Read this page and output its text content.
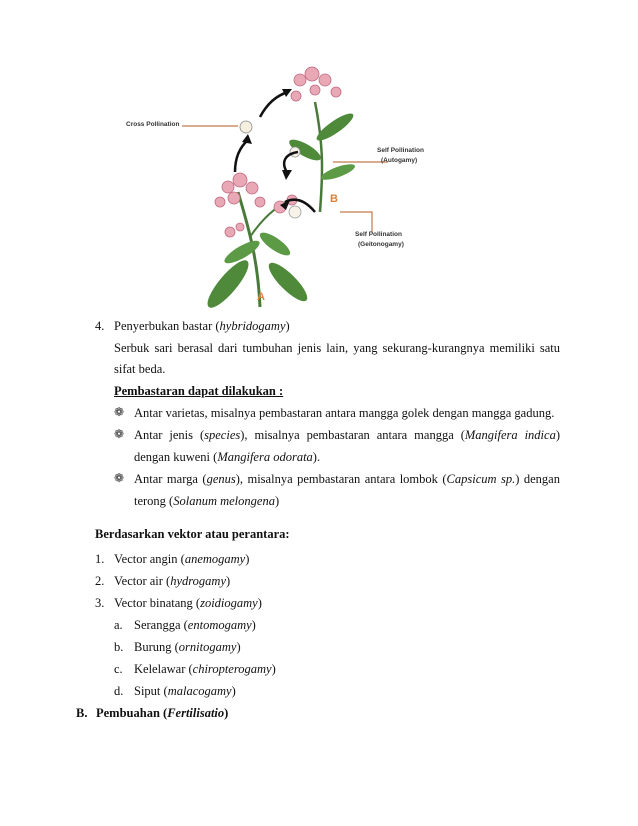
Cross Pollination
Self Pollination
(Autogamy)
Self Pollination
(Geitonogamy)
A
B
4. Penyerbukan bastar (hybridogamy)
Serbuk sari berasal dari tumbuhan jenis lain, yang sekurang-kurangnya memiliki satu
sifat beda.
Pembastaran dapat dilakukan :
❁ Antar varietas, misalnya pembastaran antara mangga golek dengan mangga gadung.
❁ Antar jenis (species), misalnya pembastaran antara mangga (Mangifera indica)
dengan kuweni (Mangifera odorata).
❁ Antar marga (genus), misalnya pembastaran antara lombok (Capsicum sp.) dengan
terong (Solanum melongena)
Berdasarkan vektor atau perantara:
1. Vector angin (anemogamy)
2. Vector air (hydrogamy)
3. Vector binatang (zoidiogamy)
a. Serangga (entomogamy)
b. Burung (ornitogamy)
c. Kelelawar (chiropterogamy)
d. Siput (malacogamy)
B. Pembuahan (Fertilisatio)
